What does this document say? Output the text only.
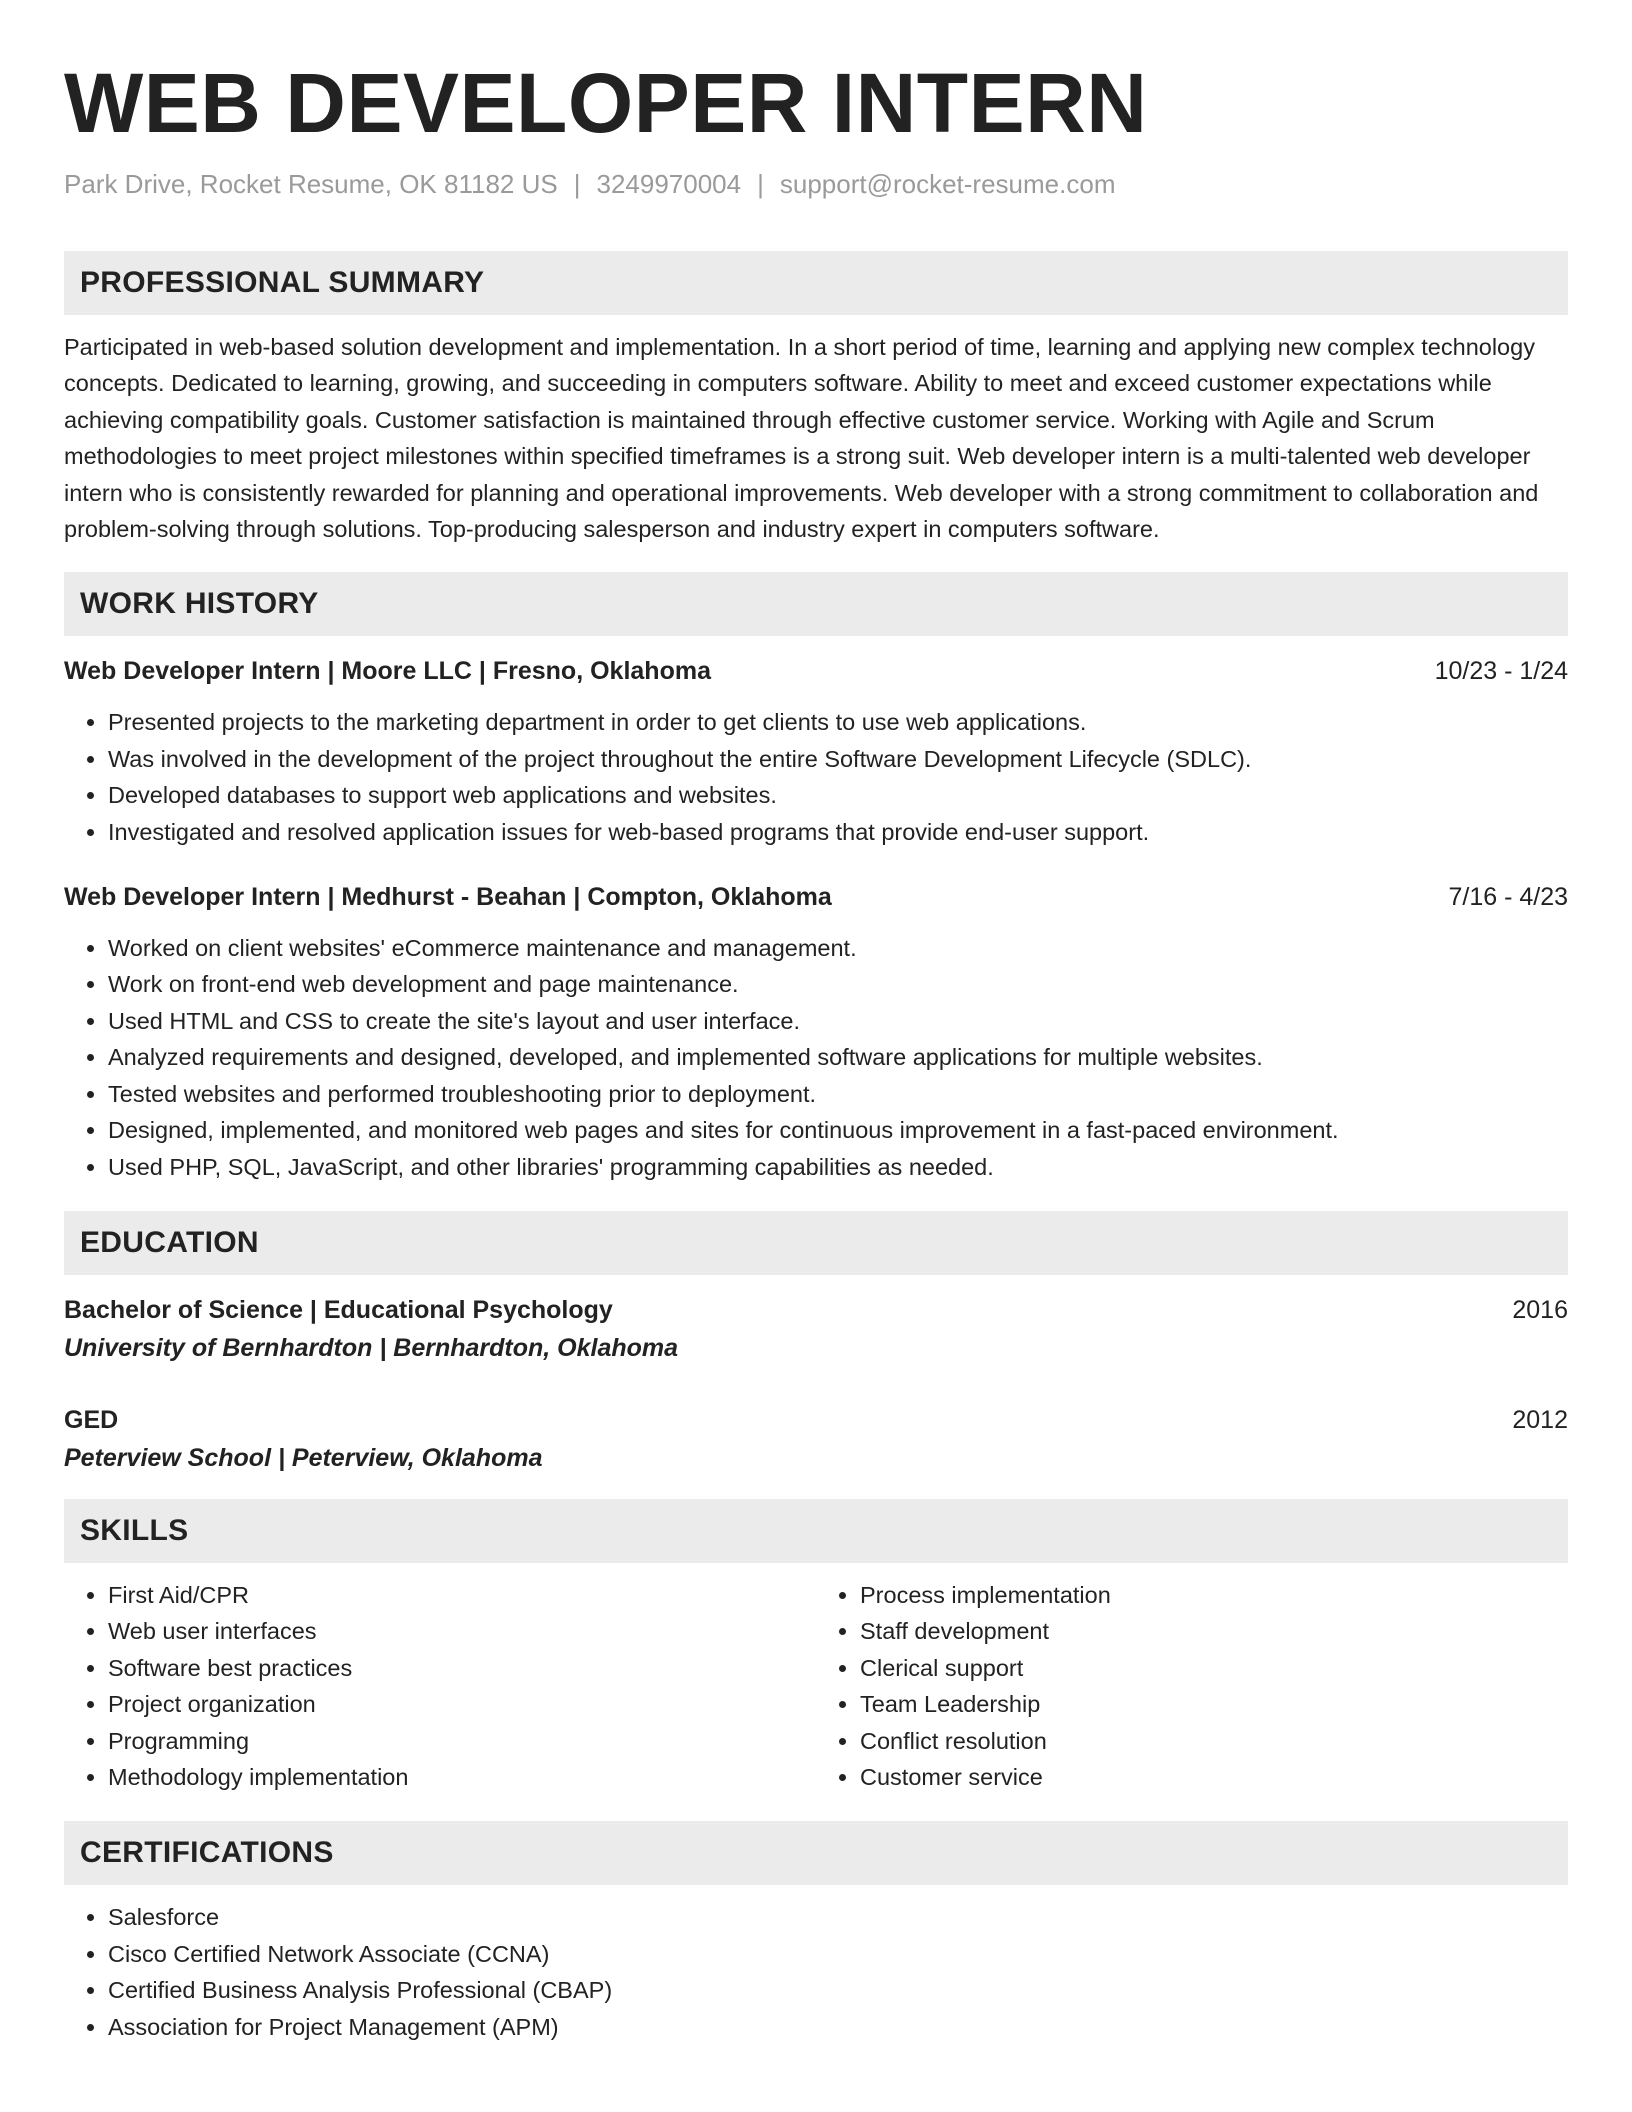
WEB DEVELOPER INTERN
Park Drive, Rocket Resume, OK 81182 US | 3249970004 | support@rocket-resume.com
PROFESSIONAL SUMMARY

Participated in web-based solution development and implementation. In a short period of time, learning and applying new complex technology concepts. Dedicated to learning, growing, and succeeding in computers software. Ability to meet and exceed customer expectations while achieving compatibility goals. Customer satisfaction is maintained through effective customer service. Working with Agile and Scrum methodologies to meet project milestones within specified timeframes is a strong suit. Web developer intern is a multi-talented web developer intern who is consistently rewarded for planning and operational improvements. Web developer with a strong commitment to collaboration and problem-solving through solutions. Top-producing salesperson and industry expert in computers software.

WORK HISTORY
Web Developer Intern | Moore LLC | Fresno, Oklahoma	10/23 - 1/24
• Presented projects to the marketing department in order to get clients to use web applications.
• Was involved in the development of the project throughout the entire Software Development Lifecycle (SDLC).
• Developed databases to support web applications and websites.
• Investigated and resolved application issues for web-based programs that provide end-user support.
Web Developer Intern | Medhurst - Beahan | Compton, Oklahoma	7/16 - 4/23
• Worked on client websites' eCommerce maintenance and management.
• Work on front-end web development and page maintenance.
• Used HTML and CSS to create the site's layout and user interface.
• Analyzed requirements and designed, developed, and implemented software applications for multiple websites.
• Tested websites and performed troubleshooting prior to deployment.
• Designed, implemented, and monitored web pages and sites for continuous improvement in a fast-paced environment.
• Used PHP, SQL, JavaScript, and other libraries' programming capabilities as needed.
EDUCATION
Bachelor of Science | Educational Psychology	2016
University of Bernhardton | Bernhardton, Oklahoma
GED	2012
Peterview School | Peterview, Oklahoma
SKILLS
• First Aid/CPR
• Web user interfaces
• Software best practices
• Project organization
• Programming
• Methodology implementation
• Process implementation
• Staff development
• Clerical support
• Team Leadership
• Conflict resolution
• Customer service
CERTIFICATIONS
• Salesforce
• Cisco Certified Network Associate (CCNA)
• Certified Business Analysis Professional (CBAP)
• Association for Project Management (APM)
